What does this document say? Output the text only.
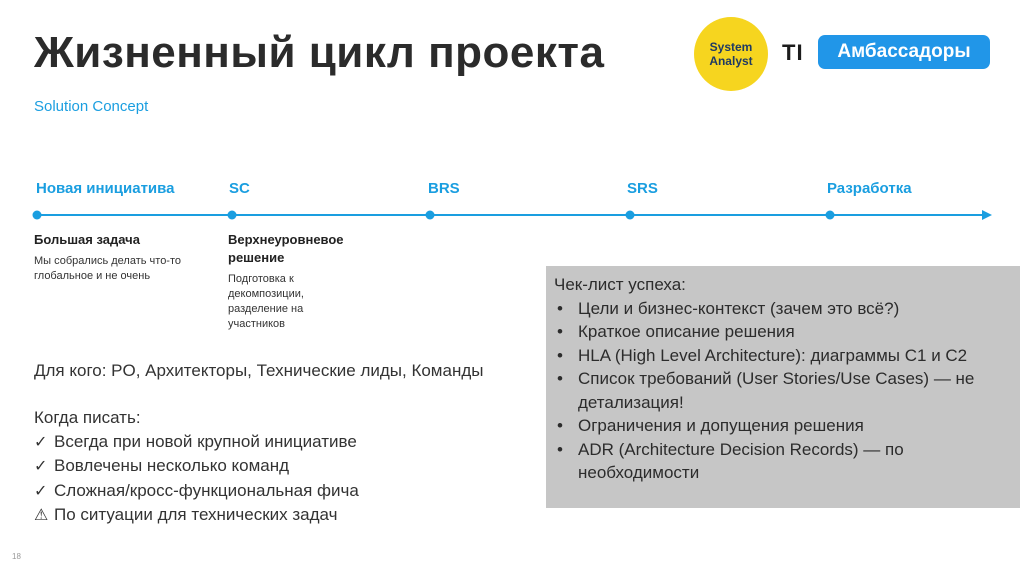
Жизненный цикл проекта
Solution Concept
System
Analyst TI	Амбассадоры
Новая инициатива	SC	BRS	SRS	Разработка
Большая задача
Мы собрались делать что-то глобальное и не очень
Верхнеуровневое решение
Подготовка к декомпозиции, разделение на участников
Для кого: PO, Архитекторы, Технические лиды, Команды
Когда писать:
✓ Всегда при новой крупной инициативе
✓ Вовлечены несколько команд
✓ Сложная/кросс-функциональная фича
⚠ По ситуации для технических задач
Чек-лист успеха:
• Цели и бизнес-контекст (зачем это всё?)
• Краткое описание решения
• HLA (High Level Architecture): диаграммы C1 и C2
• Список требований (User Stories/Use Cases) — не детализация!
• Ограничения и допущения решения
• ADR (Architecture Decision Records) — по необходимости
18
